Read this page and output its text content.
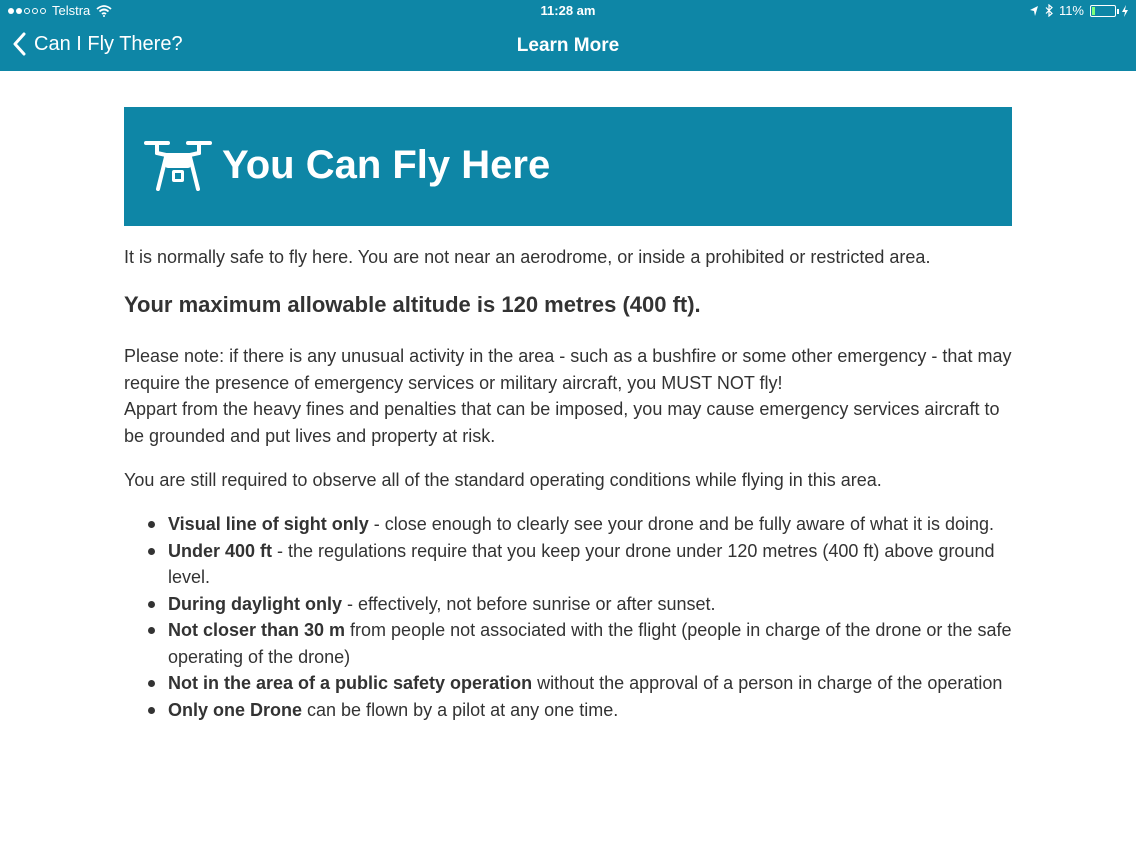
Telstra	11:28 am	11%
Can I Fly There?	Learn More
You Can Fly Here
It is normally safe to fly here. You are not near an aerodrome, or inside a prohibited or restricted area.
Your maximum allowable altitude is 120 metres (400 ft).

Please note: if there is any unusual activity in the area - such as a bushfire or some other emergency - that may require the presence of emergency services or military aircraft, you MUST NOT fly!

Appart from the heavy fines and penalties that can be imposed, you may cause emergency services aircraft to be grounded and put lives and property at risk.

You are still required to observe all of the standard operating conditions while flying in this area.
Visual line of sight only - close enough to clearly see your drone and be fully aware of what it is doing.
Under 400 ft - the regulations require that you keep your drone under 120 metres (400 ft) above ground level.
During daylight only - effectively, not before sunrise or after sunset.
Not closer than 30 m from people not associated with the flight (people in charge of the drone or the safe operating of the drone)
Not in the area of a public safety operation without the approval of a person in charge of the operation
Only one Drone can be flown by a pilot at any one time.
